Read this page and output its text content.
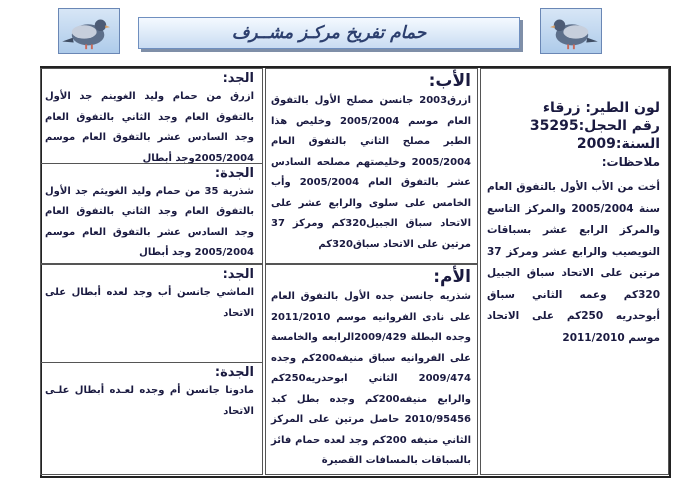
حمام تفريخ مركـز مشــرف

لون الطير: زرقاء

رقم الحجل:35295

السنة:2009

ملاحظات:

أخت من الأب الأول بالتفوق العام سنة 2005/2004 والمركز التاسع والمركز الرابع عشر بسباقات النويصيب والرابع عشر ومركز 37 مرتين على الاتحاد سباق الجبيل 320كم وعمه الثاني سباق أبوحدريه 250كم على الاتحاد موسم 2011/2010

الأب:

ازرق2003 جانسن مصلح الأول بالتفوق العام موسم 2005/2004 وخليص هذا الطير مصلح الثاني بالتفوق العام 2005/2004 وخليصتهم مصلحه السادس عشر بالتفوق العام 2005/2004 وأب الخامس على سلوى والرابع عشر على الاتحاد سباق الجبيل320كم ومركز 37 مرتين على الاتحاد سباق320كم

الأم:

شذريه جانسن جده الأول بالتفوق العام على نادى الفروانيه موسم 2011/2010 وجده البطلة 2009/429الرابعه والخامسة على الفروانيه سباق منيفه200كم وجده 2009/474 الثاني ابوحدريه250كم والرابع منيفه200كم وجده بطل كبد 2010/95456 حاصل مرتين على المركز الثاني منيفه 200كم وجد لعده حمام فائز بالسباقات بالمسافات القصيرة

الجد:

ازرق من حمام وليد الغوينم جد الأول بالتفوق العام وجد الثاني بالتفوق العام وجد السادس عشر بالتفوق العام موسم 2005/2004وجد أبطال

الجدة:

شذرية 35 من حمام وليد الغويثم جد الأول بالتفوق العام وجد الثاني بالتفوق العام وجد السادس عشر بالتفوق العام موسم 2005/2004 وجد أبطال

الجد:

الماشي جانسن أب وجد لعده أبطال على الاتحاد

الجدة:

مادونا جانسن أم وجده لعـده أبطال علـى الاتحاد
